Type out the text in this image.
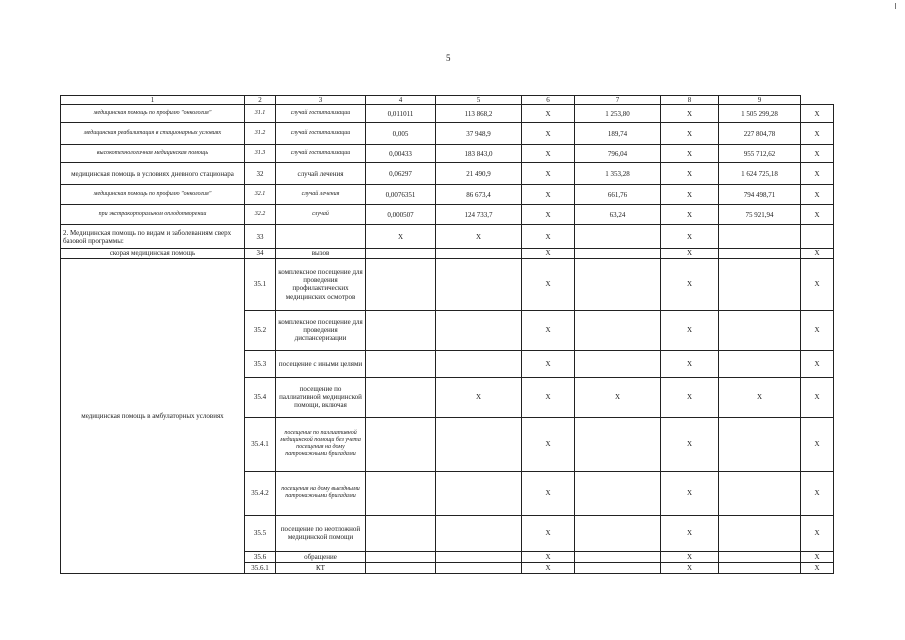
5
1	2	3	4	5	6	7	8	9	
медицинская помощь по профилю "онкология"	31.1	случай госпитализации	0,011011	113 868,2	X	1 253,80	X	1 505 299,28	X
медицинская реабилитация в стационарных условиях	31.2	случай госпитализации	0,005	37 948,9	X	189,74	X	227 804,78	X
высокотехнологичная медицинская помощь	31.3	случай госпитализации	0,00433	183 843,0	X	796,04	X	955 712,62	X
медицинская помощь в условиях дневного стационара	32	случай лечения	0,06297	21 490,9	X	1 353,28	X	1 624 725,18	X
медицинская помощь по профилю "онкология"	32.1	случай лечения	0,0076351	86 673,4	X	661,76	X	794 498,71	X
при экстракорпоральном оплодотворении	32.2	случай	0,000507	124 733,7	X	63,24	X	75 921,94	X
2. Медицинская помощь по видам и заболеваниям сверх базовой программы:	33		X	X	X		X		
скорая медицинская помощь	34	вызов			X		X		X
медицинская помощь в амбулаторных условиях	35.1	комплексное посещение для проведения профилактических медицинских осмотров			X		X		X
	35.2	комплексное посещение для проведения диспансеризации			X		X		X
	35.3	посещение с иными целями			X		X		X
	35.4	посещение по паллиативной медицинской помощи, включая		X	X	X	X	X	X
	35.4.1	посещение по паллиативной медицинской помощи без учета посещения на дому патронажными бригадами			X		X		X
	35.4.2	посещения на дому выездными патронажными бригадами			X		X		X
	35.5	посещение по неотложной медицинской помощи			X		X		X
	35.6	обращение			X		X		X
	35.6.1	КТ			X		X		X
